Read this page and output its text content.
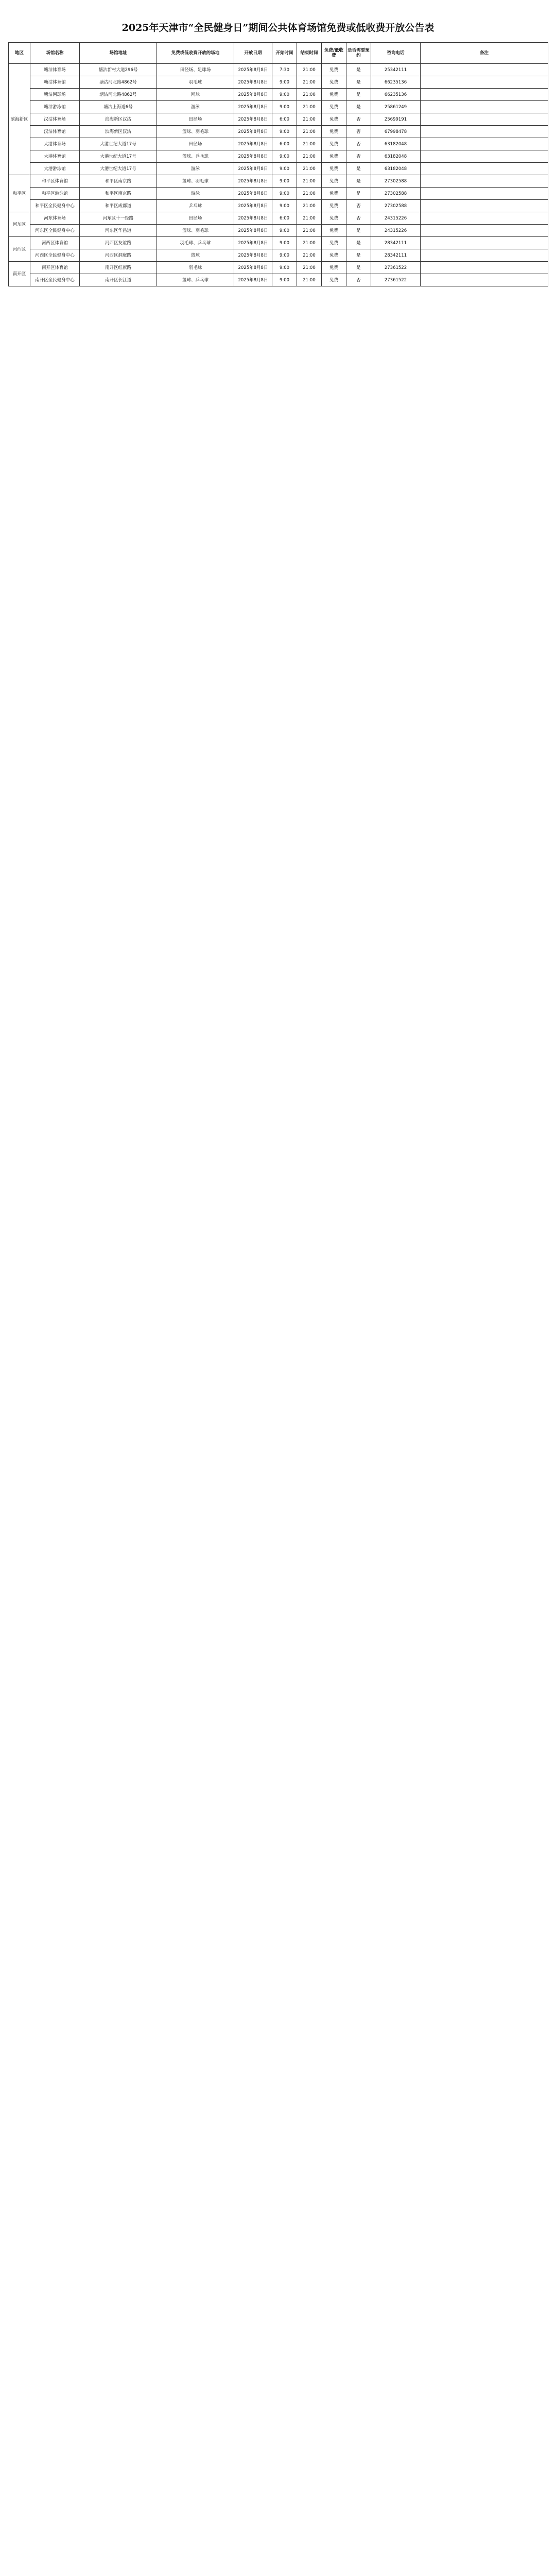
2025年天津市“全民健身日”期间公共体育场馆免费或低收费开放公告表
地区	场馆名称	场馆地址	免费或低收费开放的场地	开放日期	开始时间	结束时间	免费/低收费	是否需要预约	咨询电话	备注
滨海新区	塘沽体育场	塘沽新村大道296号	田径场、足球场	2025年8月8日	7:30	21:00	免费	是	25342111	
	塘沽体育馆	塘沽河北路4862号	羽毛球	2025年8月8日	9:00	21:00	免费	是	66235136	
	塘沽网球场	塘沽河北路4862号	网球	2025年8月8日	9:00	21:00	免费	是	66235136	
	塘沽游泳馆	塘沽上海道6号	游泳	2025年8月8日	9:00	21:00	免费	是	25861249	
	汉沽体育场	滨海新区汉沽	田径场	2025年8月8日	6:00	21:00	免费	否	25699191	
	汉沽体育馆	滨海新区汉沽	篮球、羽毛球	2025年8月8日	9:00	21:00	免费	否	67998478	
	大港体育场	大港世纪大道17号	田径场	2025年8月8日	6:00	21:00	免费	否	63182048	
	大港体育馆	大港世纪大道17号	篮球、乒乓球	2025年8月8日	9:00	21:00	免费	否	63182048	
	大港游泳馆	大港世纪大道17号	游泳	2025年8月8日	9:00	21:00	免费	是	63182048	
和平区	和平区体育馆	和平区南京路	篮球、羽毛球	2025年8月8日	9:00	21:00	免费	是	27302588	
	和平区游泳馆	和平区南京路	游泳	2025年8月8日	9:00	21:00	免费	是	27302588	
	和平区全民健身中心	和平区成都道	乒乓球	2025年8月8日	9:00	21:00	免费	否	27302588	
河东区	河东体育场	河东区十一经路	田径场	2025年8月8日	6:00	21:00	免费	否	24315226	
	河东区全民健身中心	河东区华昌道	篮球、羽毛球	2025年8月8日	9:00	21:00	免费	是	24315226	
河西区	河西区体育馆	河西区友谊路	羽毛球、乒乓球	2025年8月8日	9:00	21:00	免费	是	28342111	
	河西区全民健身中心	河西区洞庭路	篮球	2025年8月8日	9:00	21:00	免费	是	28342111	
南开区	南开区体育馆	南开区红旗路	羽毛球	2025年8月8日	9:00	21:00	免费	是	27361522	
	南开区全民健身中心	南开区长江道	篮球、乒乓球	2025年8月8日	9:00	21:00	免费	否	27361522	
